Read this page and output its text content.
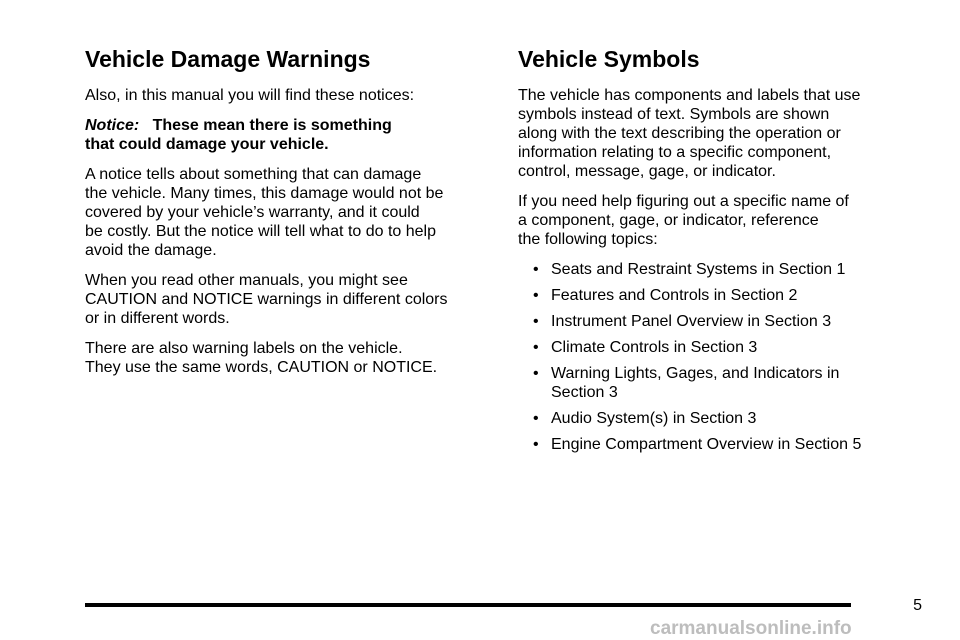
Vehicle Damage Warnings

Also, in this manual you will find these notices:

Notice: These mean there is something
that could damage your vehicle.

A notice tells about something that can damage
the vehicle. Many times, this damage would not be
covered by your vehicle’s warranty, and it could
be costly. But the notice will tell what to do to help
avoid the damage.

When you read other manuals, you might see
CAUTION and NOTICE warnings in different colors
or in different words.

There are also warning labels on the vehicle.
They use the same words, CAUTION or NOTICE.

Vehicle Symbols

The vehicle has components and labels that use
symbols instead of text. Symbols are shown
along with the text describing the operation or
information relating to a specific component,
control, message, gage, or indicator.

If you need help figuring out a specific name of
a component, gage, or indicator, reference
the following topics:

• Seats and Restraint Systems in Section 1
• Features and Controls in Section 2
• Instrument Panel Overview in Section 3
• Climate Controls in Section 3
• Warning Lights, Gages, and Indicators in
Section 3
• Audio System(s) in Section 3
• Engine Compartment Overview in Section 5
5
carmanualsonline.info
